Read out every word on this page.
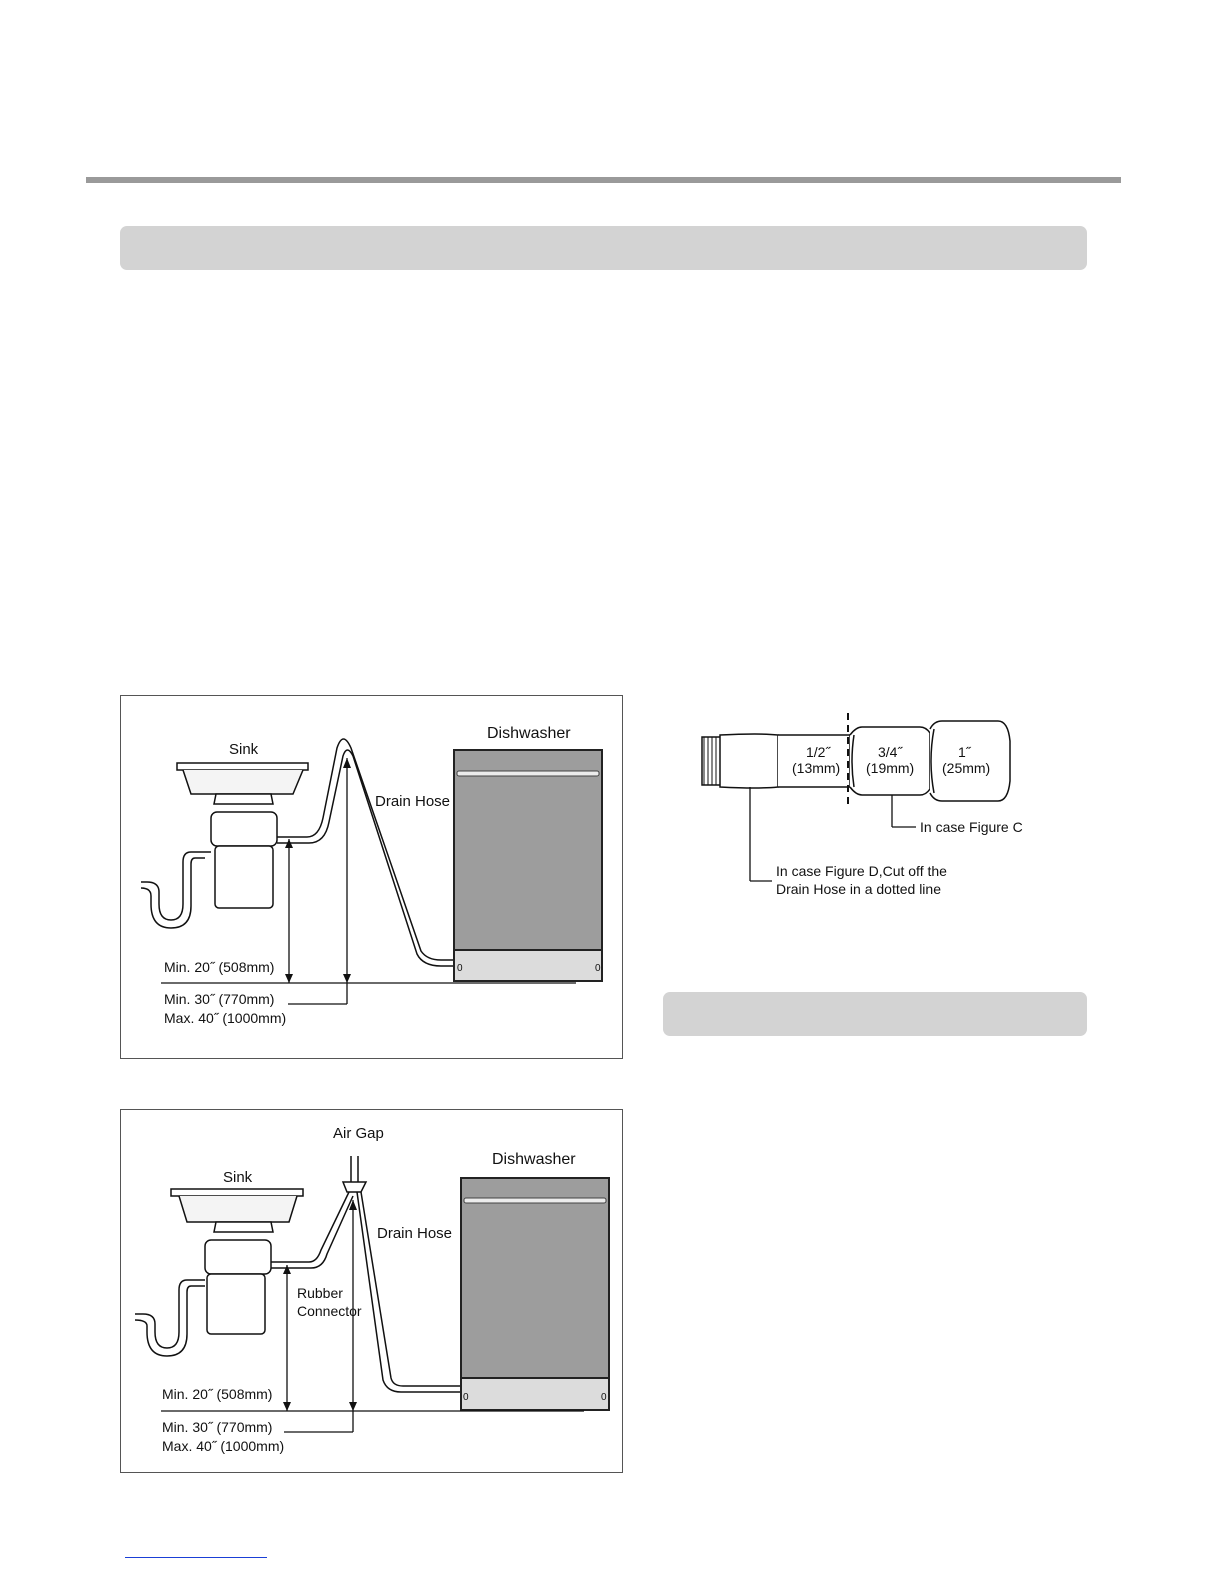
0	0
Sink
Dishwasher
Drain Hose
Min. 20˝ (508mm)
Min. 30˝ (770mm)
Max. 40˝ (1000mm)
1/2˝
(13mm)
3/4˝
(19mm)
1˝
(25mm)
In case Figure C
In case Figure D,Cut off the
Drain Hose in a dotted line
0	0
Air Gap
Sink
Dishwasher
Drain Hose
Rubber
Connector
Min. 20˝ (508mm)
Min. 30˝ (770mm)
Max. 40˝ (1000mm)
